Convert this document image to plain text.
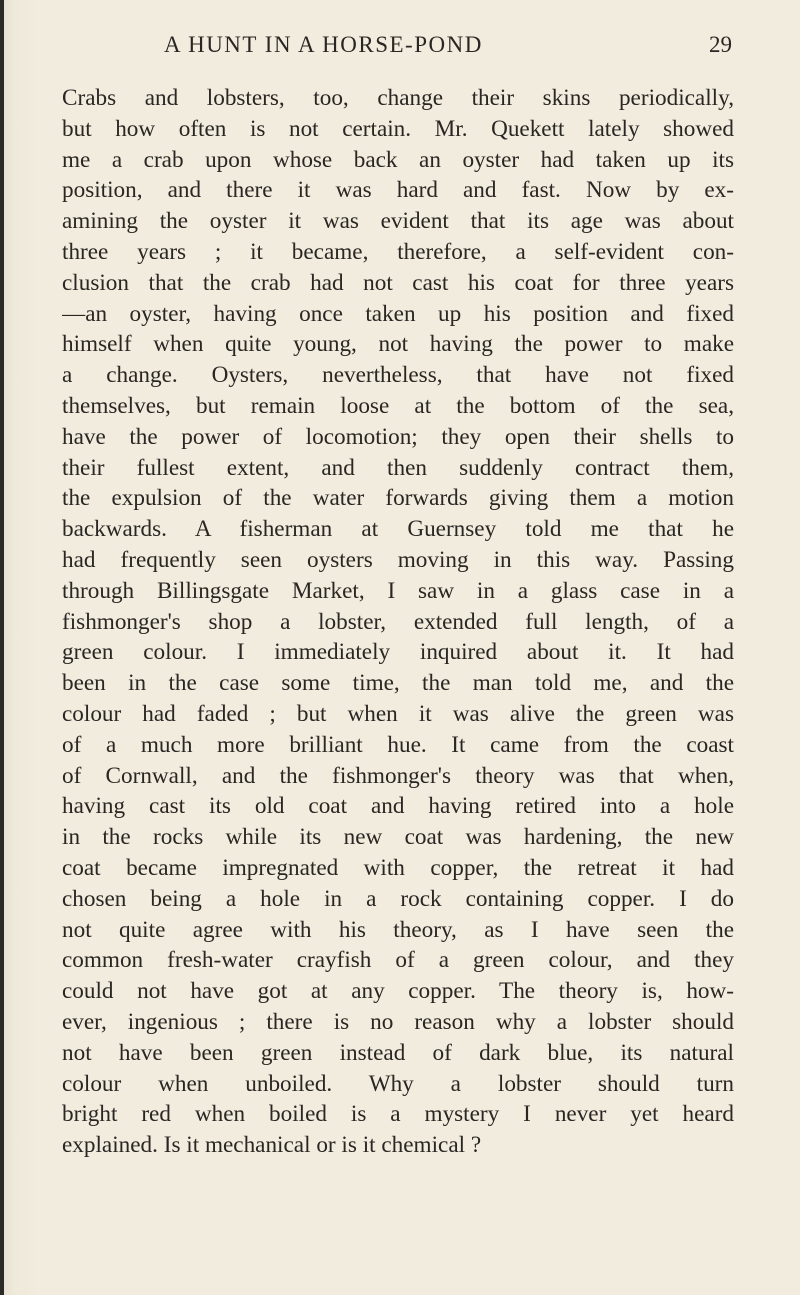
A HUNT IN A HORSE-POND	29
Crabs and lobsters, too, change their skins periodically,
but how often is not certain. Mr. Quekett lately showed
me a crab upon whose back an oyster had taken up its
position, and there it was hard and fast. Now by ex-
amining the oyster it was evident that its age was about
three years ; it became, therefore, a self-evident con-
clusion that the crab had not cast his coat for three years
—an oyster, having once taken up his position and fixed
himself when quite young, not having the power to make
a change. Oysters, nevertheless, that have not fixed
themselves, but remain loose at the bottom of the sea,
have the power of locomotion; they open their shells to
their fullest extent, and then suddenly contract them,
the expulsion of the water forwards giving them a motion
backwards. A fisherman at Guernsey told me that he
had frequently seen oysters moving in this way. Passing
through Billingsgate Market, I saw in a glass case in a
fishmonger's shop a lobster, extended full length, of a
green colour. I immediately inquired about it. It had
been in the case some time, the man told me, and the
colour had faded ; but when it was alive the green was
of a much more brilliant hue. It came from the coast
of Cornwall, and the fishmonger's theory was that when,
having cast its old coat and having retired into a hole
in the rocks while its new coat was hardening, the new
coat became impregnated with copper, the retreat it had
chosen being a hole in a rock containing copper. I do
not quite agree with his theory, as I have seen the
common fresh-water crayfish of a green colour, and they
could not have got at any copper. The theory is, how-
ever, ingenious ; there is no reason why a lobster should
not have been green instead of dark blue, its natural
colour when unboiled. Why a lobster should turn
bright red when boiled is a mystery I never yet heard
explained. Is it mechanical or is it chemical ?
